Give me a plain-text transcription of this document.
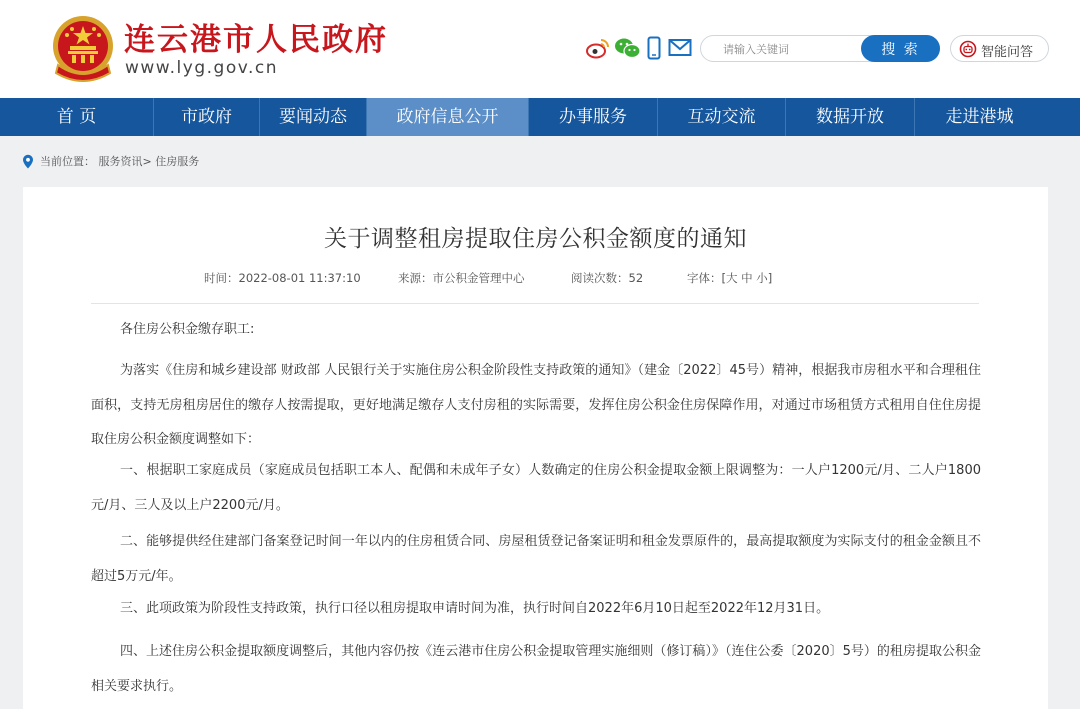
连云港市人民政府
www.lyg.gov.cn
请输入关键词
搜 索	智能问答
首 页	市政府	要闻动态	政府信息公开	办事服务	互动交流	数据开放	走进港城
当前位置： 服务资讯> 住房服务
关于调整租房提取住房公积金额度的通知
时间：2022-08-01 11:37:10	来源：市公积金管理中心	阅读次数：52	字体：[大 中 小]

各住房公积金缴存职工:

为落实《住房和城乡建设部 财政部 人民银行关于实施住房公积金阶段性支持政策的通知》（建金〔2022〕45号）精神，根据我市房租水平和合理租住面积，支持无房租房居住的缴存人按需提取，更好地满足缴存人支付房租的实际需要，发挥住房公积金住房保障作用，对通过市场租赁方式租用自住住房提取住房公积金额度调整如下：

一、根据职工家庭成员（家庭成员包括职工本人、配偶和未成年子女）人数确定的住房公积金提取金额上限调整为：一人户1200元/月、二人户1800元/月、三人及以上户2200元/月。

二、能够提供经住建部门备案登记时间一年以内的住房租赁合同、房屋租赁登记备案证明和租金发票原件的，最高提取额度为实际支付的租金金额且不超过5万元/年。

三、此项政策为阶段性支持政策，执行口径以租房提取申请时间为准，执行时间自2022年6月10日起至2022年12月31日。

四、上述住房公积金提取额度调整后，其他内容仍按《连云港市住房公积金提取管理实施细则（修订稿）》（连住公委〔2020〕5号）的租房提取公积金相关要求执行。
